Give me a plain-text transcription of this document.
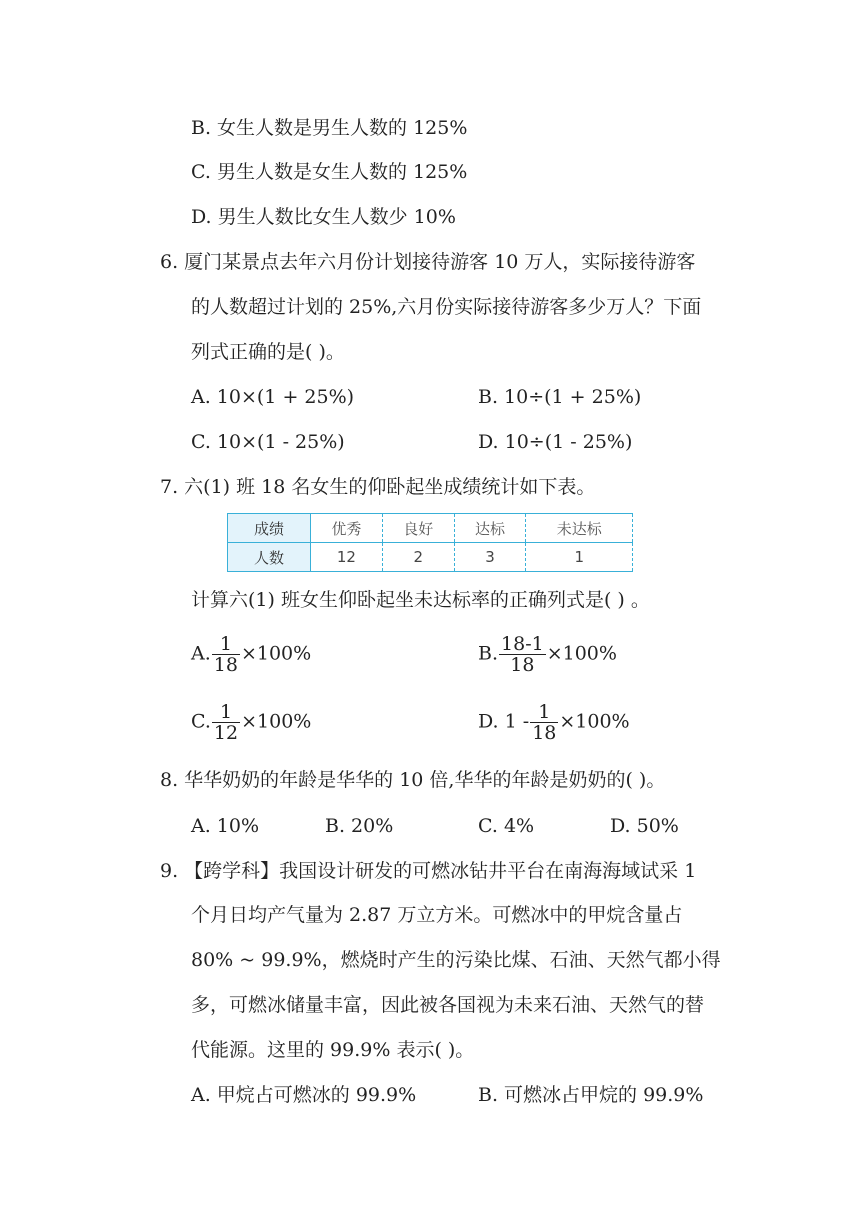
B. 女生人数是男生人数的 125%
C. 男生人数是女生人数的 125%
D. 男生人数比女生人数少 10%
6. 厦门某景点去年六月份计划接待游客 10 万人，实际接待游客
的人数超过计划的 25%,六月份实际接待游客多少万人？下面
列式正确的是( )。
A. 10×(1 + 25%)	B. 10÷(1 + 25%)
C. 10×(1 - 25%)	D. 10÷(1 - 25%)
7. 六(1) 班 18 名女生的仰卧起坐成绩统计如下表。
成绩	优秀	良好	达标	未达标
人数	12	2	3	1
计算六(1) 班女生仰卧起坐未达标率的正确列式是( ) 。
A. $\frac{1}{18} \times 100\%$	B. $\frac{18-1}{18} \times 100\%$
C. $\frac{1}{12} \times 100\%$	D. $1 - \frac{1}{18} \times 100\%$
8. 华华奶奶的年龄是华华的 10 倍,华华的年龄是奶奶的( )。
A. 10%	B. 20%	C. 4%	D. 50%
9. 【跨学科】我国设计研发的可燃冰钻井平台在南海海域试采 1
个月日均产气量为 2.87 万立方米。可燃冰中的甲烷含量占
80% ~ 99.9%，燃烧时产生的污染比煤、石油、天然气都小得
多，可燃冰储量丰富，因此被各国视为未来石油、天然气的替
代能源。这里的 99.9% 表示( )。
A. 甲烷占可燃冰的 99.9%	B. 可燃冰占甲烷的 99.9%
